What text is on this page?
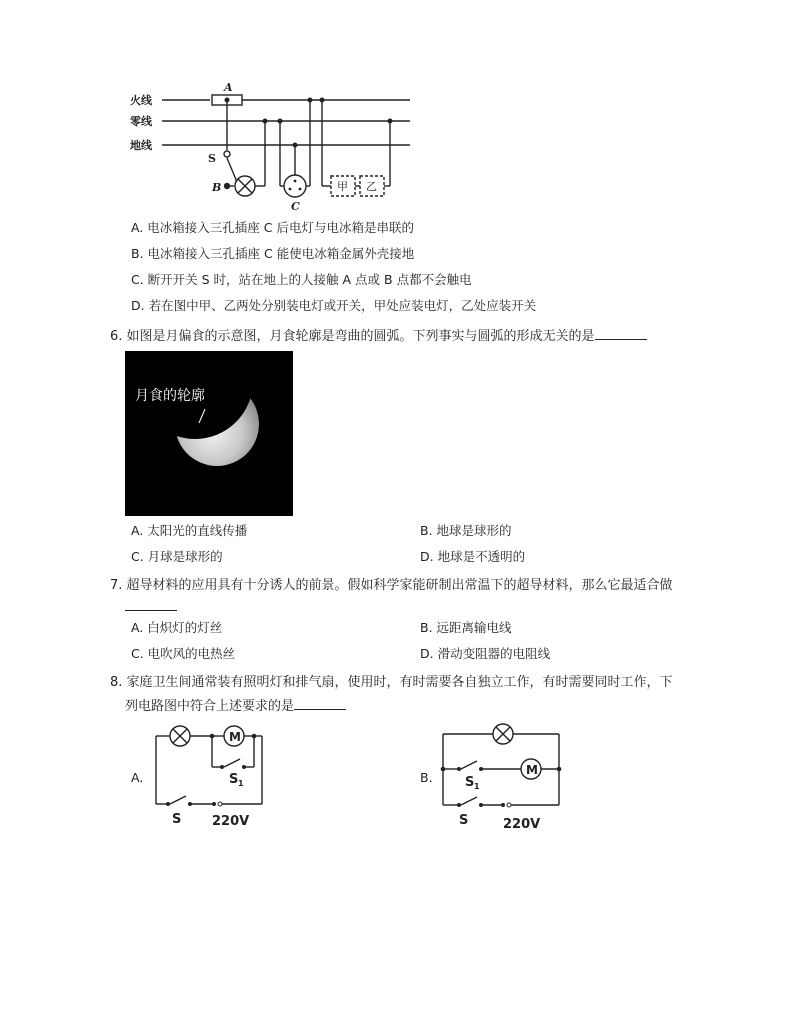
火线
零线
地线
A
S
B
C
甲 乙
A. 电冰箱接入三孔插座 C 后电灯与电冰箱是串联的
B. 电冰箱接入三孔插座 C 能使电冰箱金属外壳接地
C. 断开开关 S 时，站在地上的人接触 A 点或 B 点都不会触电
D. 若在图中甲、乙两处分别装电灯或开关，甲处应装电灯，乙处应装开关
6. 如图是月偏食的示意图，月食轮廓是弯曲的圆弧。下列事实与圆弧的形成无关的是
月食的轮廓
A. 太阳光的直线传播	B. 地球是球形的
C. 月球是球形的	D. 地球是不透明的
7. 超导材料的应用具有十分诱人的前景。假如科学家能研制出常温下的超导材料，那么它最适合做
A. 白炽灯的灯丝	B. 远距离输电线
C. 电吹风的电热丝	D. 滑动变阻器的电阻线
8. 家庭卫生间通常装有照明灯和排气扇，使用时，有时需要各自独立工作，有时需要同时工作，下
列电路图中符合上述要求的是
A.
M
S 1
S 220V
B.	M
S 1
S	220V
